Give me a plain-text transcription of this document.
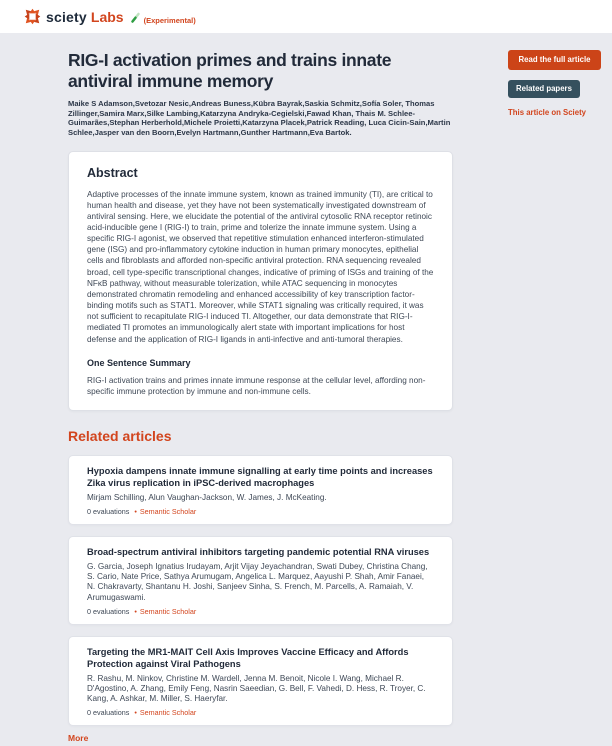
sciety Labs	(Experimental)
RIG-I activation primes and trains innate antiviral immune memory

Maike S Adamson,Svetozar Nesic,Andreas Buness,Kübra Bayrak,Saskia Schmitz,Sofía Soler, Thomas Zillinger,Samira Marx,Silke Lambing,Katarzyna Andryka-Cegielski,Fawad Khan, Thais M. Schlee-Guimarães,Stephan Herberhold,Michele Proietti,Katarzyna Placek,Patrick Reading, Luca Cicin-Sain,Martin Schlee,Jasper van den Boorn,Evelyn Hartmann,Gunther Hartmann,Eva Bartok.

Abstract

Adaptive processes of the innate immune system, known as trained immunity (TI), are critical to human health and disease, yet they have not been systematically investigated downstream of antiviral sensing. Here, we elucidate the potential of the antiviral cytosolic RNA receptor retinoic acid-inducible gene I (RIG-I) to train, prime and tolerize the innate immune system. Using a specific RIG-I agonist, we observed that repetitive stimulation enhanced interferon-stimulated gene (ISG) and pro-inflammatory cytokine induction in human primary monocytes, epithelial cells and fibroblasts and afforded non-specific antiviral protection. RNA sequencing revealed broad, cell type-specific transcriptional changes, indicative of priming of ISGs and training of the NFκB pathway, without measurable tolerization, while ATAC sequencing in monocytes demonstrated chromatin remodeling and enhanced accessibility of key transcription factor-binding motifs such as STAT1. Moreover, while STAT1 signaling was critically required, it was not sufficient to recapitulate RIG-I induced TI. Altogether, our data demonstrate that RIG-I-mediated TI promotes an immunologically alert state with important implications for host defense and the application of RIG-I ligands in anti-infective and anti-tumoral therapies.

One Sentence Summary

RIG-I activation trains and primes innate immune response at the cellular level, affording non-specific immune protection by immune and non-immune cells.

Related articles
Hypoxia dampens innate immune signalling at early time points and increases Zika virus replication in iPSC-derived macrophages

Mirjam Schilling, Alun Vaughan-Jackson, W. James, J. McKeating.

0 evaluations • Semantic Scholar
Broad-spectrum antiviral inhibitors targeting pandemic potential RNA viruses

G. Garcia, Joseph Ignatius Irudayam, Arjit Vijay Jeyachandran, Swati Dubey, Christina Chang, S. Cario, Nate Price, Sathya Arumugam, Angelica L. Marquez, Aayushi P. Shah, Amir Fanaei, N. Chakravarty, Shantanu H. Joshi, Sanjeev Sinha, S. French, M. Parcells, A. Ramaiah, V. Arumugaswami.

0 evaluations • Semantic Scholar
Targeting the MR1-MAIT Cell Axis Improves Vaccine Efficacy and Affords Protection against Viral Pathogens

R. Rashu, M. Ninkov, Christine M. Wardell, Jenna M. Benoit, Nicole I. Wang, Michael R. D'Agostino, A. Zhang, Emily Feng, Nasrin Saeedian, G. Bell, F. Vahedi, D. Hess, R. Troyer, C. Kang, A. Ashkar, M. Miller, S. Haeryfar.

0 evaluations • Semantic Scholar
More
Read the full article
Related papers
This article on Sciety
